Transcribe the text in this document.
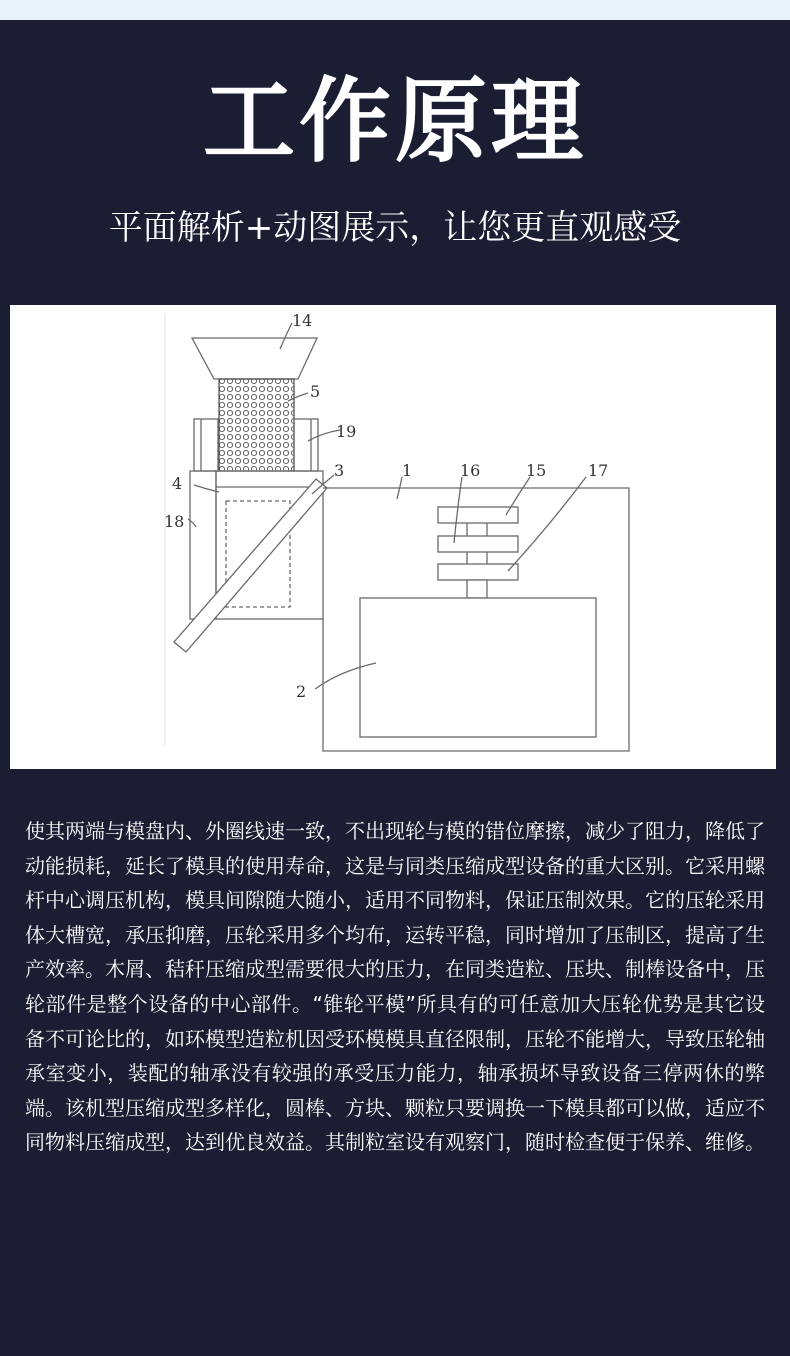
工作原理
平面解析+动图展示，让您更直观感受
14
5
19
4
18
3	1	16	15	17
2
使其两端与模盘内、外圈线速一致，不出现轮与模的错位摩擦，减少了阻力，降低了动能损耗，延长了模具的使用寿命，这是与同类压缩成型设备的重大区别。它采用螺杆中心调压机构，模具间隙随大随小，适用不同物料，保证压制效果。它的压轮采用体大槽宽，承压抑磨，压轮采用多个均布，运转平稳，同时增加了压制区，提高了生产效率。木屑、秸秆压缩成型需要很大的压力，在同类造粒、压块、制棒设备中，压轮部件是整个设备的中心部件。“锥轮平模”所具有的可任意加大压轮优势是其它设备不可论比的，如环模型造粒机因受环模模具直径限制，压轮不能增大，导致压轮轴承室变小，装配的轴承没有较强的承受压力能力，轴承损坏导致设备三停两休的弊端。该机型压缩成型多样化，圆棒、方块、颗粒只要调换一下模具都可以做，适应不同物料压缩成型，达到优良效益。其制粒室设有观察门，随时检查便于保养、维修。
